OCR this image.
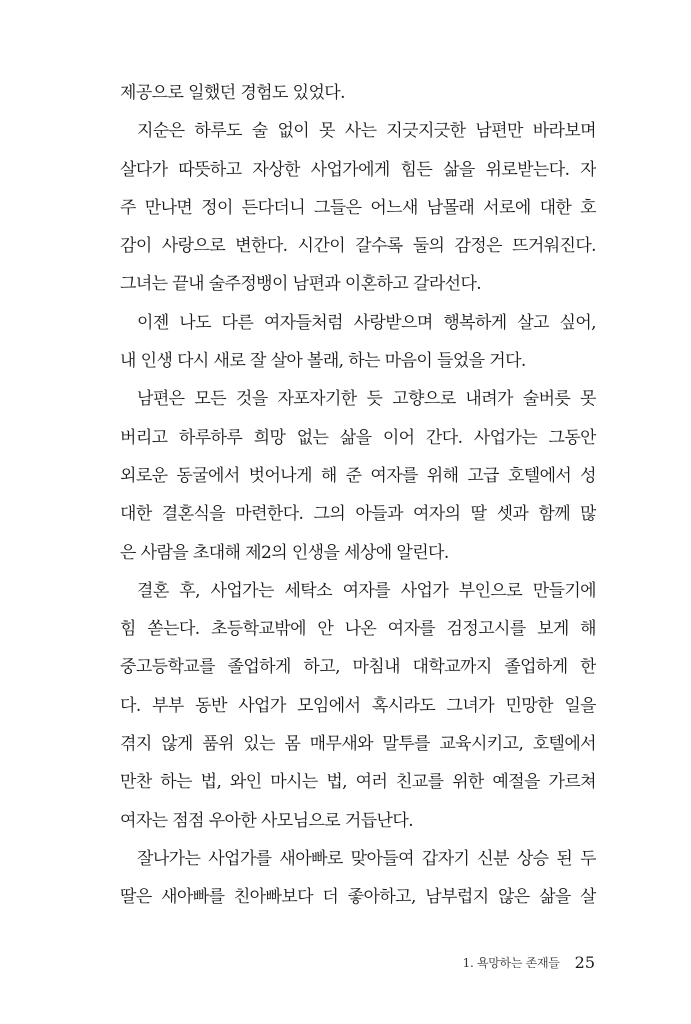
제공으로 일했던 경험도 있었다.
지순은 하루도 술 없이 못 사는 지긋지긋한 남편만 바라보며
살다가 따뜻하고 자상한 사업가에게 힘든 삶을 위로받는다. 자
주 만나면 정이 든다더니 그들은 어느새 남몰래 서로에 대한 호
감이 사랑으로 변한다. 시간이 갈수록 둘의 감정은 뜨거워진다.
그녀는 끝내 술주정뱅이 남편과 이혼하고 갈라선다.
이젠 나도 다른 여자들처럼 사랑받으며 행복하게 살고 싶어,
내 인생 다시 새로 잘 살아 볼래, 하는 마음이 들었을 거다.
남편은 모든 것을 자포자기한 듯 고향으로 내려가 술버릇 못
버리고 하루하루 희망 없는 삶을 이어 간다. 사업가는 그동안
외로운 동굴에서 벗어나게 해 준 여자를 위해 고급 호텔에서 성
대한 결혼식을 마련한다. 그의 아들과 여자의 딸 셋과 함께 많
은 사람을 초대해 제2의 인생을 세상에 알린다.
결혼 후, 사업가는 세탁소 여자를 사업가 부인으로 만들기에
힘 쏟는다. 초등학교밖에 안 나온 여자를 검정고시를 보게 해
중고등학교를 졸업하게 하고, 마침내 대학교까지 졸업하게 한
다. 부부 동반 사업가 모임에서 혹시라도 그녀가 민망한 일을
겪지 않게 품위 있는 몸 매무새와 말투를 교육시키고, 호텔에서
만찬 하는 법, 와인 마시는 법, 여러 친교를 위한 예절을 가르쳐
여자는 점점 우아한 사모님으로 거듭난다.
잘나가는 사업가를 새아빠로 맞아들여 갑자기 신분 상승 된 두
딸은 새아빠를 친아빠보다 더 좋아하고, 남부럽지 않은 삶을 살
1. 욕망하는 존재들 25
